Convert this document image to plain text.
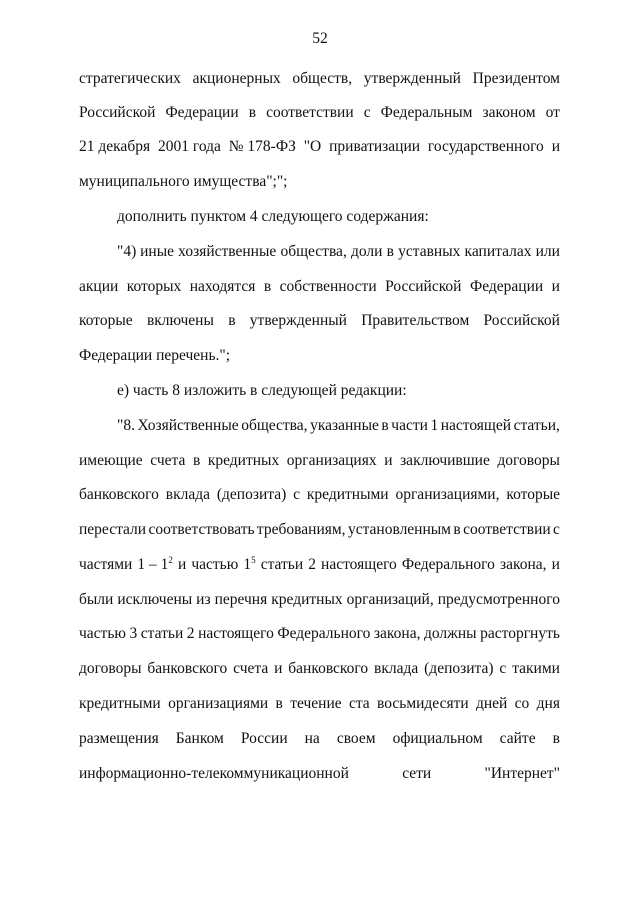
52
стратегических акционерных обществ, утвержденный Президентом
Российской Федерации в соответствии с Федеральным законом от
21 декабря 2001 года № 178-ФЗ "О приватизации государственного и
муниципального имущества";";
дополнить пунктом 4 следующего содержания:
"4) иные хозяйственные общества, доли в уставных капиталах или
акции которых находятся в собственности Российской Федерации и
которые включены в утвержденный Правительством Российской
Федерации перечень.";
е) часть 8 изложить в следующей редакции:
"8. Хозяйственные общества, указанные в части 1 настоящей статьи,
имеющие счета в кредитных организациях и заключившие договоры
банковского вклада (депозита) с кредитными организациями, которые
перестали соответствовать требованиям, установленным в соответствии с
частями $1 - 1^2$ и частью $1^5$ статьи 2 настоящего Федерального закона, и
были исключены из перечня кредитных организаций, предусмотренного
частью 3 статьи 2 настоящего Федерального закона, должны расторгнуть
договоры банковского счета и банковского вклада (депозита) с такими
кредитными организациями в течение ста восьмидесяти дней со дня
размещения Банком России на своем официальном сайте в
информационно-телекоммуникационной	сети	"Интернет"
